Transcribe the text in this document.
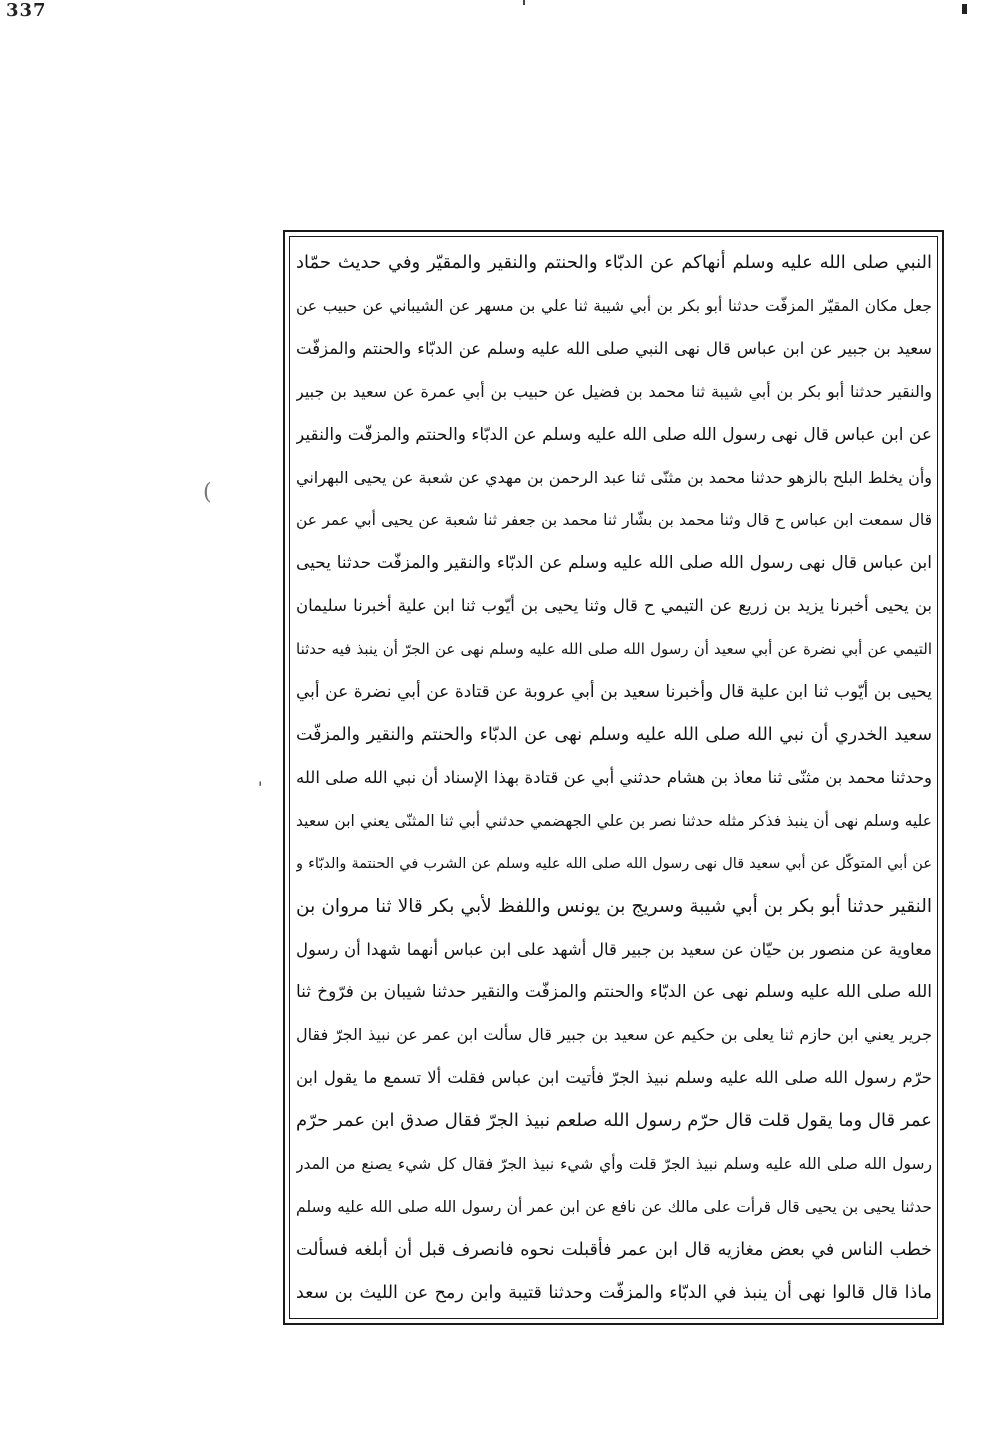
337
(
'
النبي صلى الله عليه وسلم أنهاكم عن الدبّاء والحنتم والنقير والمقيّر وفي حديث حمّاد
جعل مكان المقيّر المزفّت حدثنا أبو بكر بن أبي شيبة ثنا علي بن مسهر عن الشيباني عن حبيب عن
سعيد بن جبير عن ابن عباس قال نهى النبي صلى الله عليه وسلم عن الدبّاء والحنتم والمزفّت
والنقير حدثنا أبو بكر بن أبي شيبة ثنا محمد بن فضيل عن حبيب بن أبي عمرة عن سعيد بن جبير
عن ابن عباس قال نهى رسول الله صلى الله عليه وسلم عن الدبّاء والحنتم والمزفّت والنقير
وأن يخلط البلح بالزهو حدثنا محمد بن مثنّى ثنا عبد الرحمن بن مهدي عن شعبة عن يحيى البهراني
قال سمعت ابن عباس ح قال وثنا محمد بن بشّار ثنا محمد بن جعفر ثنا شعبة عن يحيى أبي عمر عن
ابن عباس قال نهى رسول الله صلى الله عليه وسلم عن الدبّاء والنقير والمزفّت حدثنا يحيى
بن يحيى أخبرنا يزيد بن زريع عن التيمي ح قال وثنا يحيى بن أيّوب ثنا ابن علية أخبرنا سليمان
التيمي عن أبي نضرة عن أبي سعيد أن رسول الله صلى الله عليه وسلم نهى عن الجرّ أن ينبذ فيه حدثنا
يحيى بن أيّوب ثنا ابن علية قال وأخبرنا سعيد بن أبي عروبة عن قتادة عن أبي نضرة عن أبي
سعيد الخدري أن نبي الله صلى الله عليه وسلم نهى عن الدبّاء والحنتم والنقير والمزفّت
وحدثنا محمد بن مثنّى ثنا معاذ بن هشام حدثني أبي عن قتادة بهذا الإسناد أن نبي الله صلى الله
عليه وسلم نهى أن ينبذ فذكر مثله حدثنا نصر بن علي الجهضمي حدثني أبي ثنا المثنّى يعني ابن سعيد
عن أبي المتوكّل عن أبي سعيد قال نهى رسول الله صلى الله عليه وسلم عن الشرب في الحنتمة والدبّاء و
النقير حدثنا أبو بكر بن أبي شيبة وسريج بن يونس واللفظ لأبي بكر قالا ثنا مروان بن
معاوية عن منصور بن حيّان عن سعيد بن جبير قال أشهد على ابن عباس أنهما شهدا أن رسول
الله صلى الله عليه وسلم نهى عن الدبّاء والحنتم والمزفّت والنقير حدثنا شيبان بن فرّوخ ثنا
جرير يعني ابن حازم ثنا يعلى بن حكيم عن سعيد بن جبير قال سألت ابن عمر عن نبيذ الجرّ فقال
حرّم رسول الله صلى الله عليه وسلم نبيذ الجرّ فأتيت ابن عباس فقلت ألا تسمع ما يقول ابن
عمر قال وما يقول قلت قال حرّم رسول الله صلعم نبيذ الجرّ فقال صدق ابن عمر حرّم
رسول الله صلى الله عليه وسلم نبيذ الجرّ قلت وأي شيء نبيذ الجرّ فقال كل شيء يصنع من المدر
حدثنا يحيى بن يحيى قال قرأت على مالك عن نافع عن ابن عمر أن رسول الله صلى الله عليه وسلم
خطب الناس في بعض مغازيه قال ابن عمر فأقبلت نحوه فانصرف قبل أن أبلغه فسألت
ماذا قال قالوا نهى أن ينبذ في الدبّاء والمزفّت وحدثنا قتيبة وابن رمح عن الليث بن سعد
